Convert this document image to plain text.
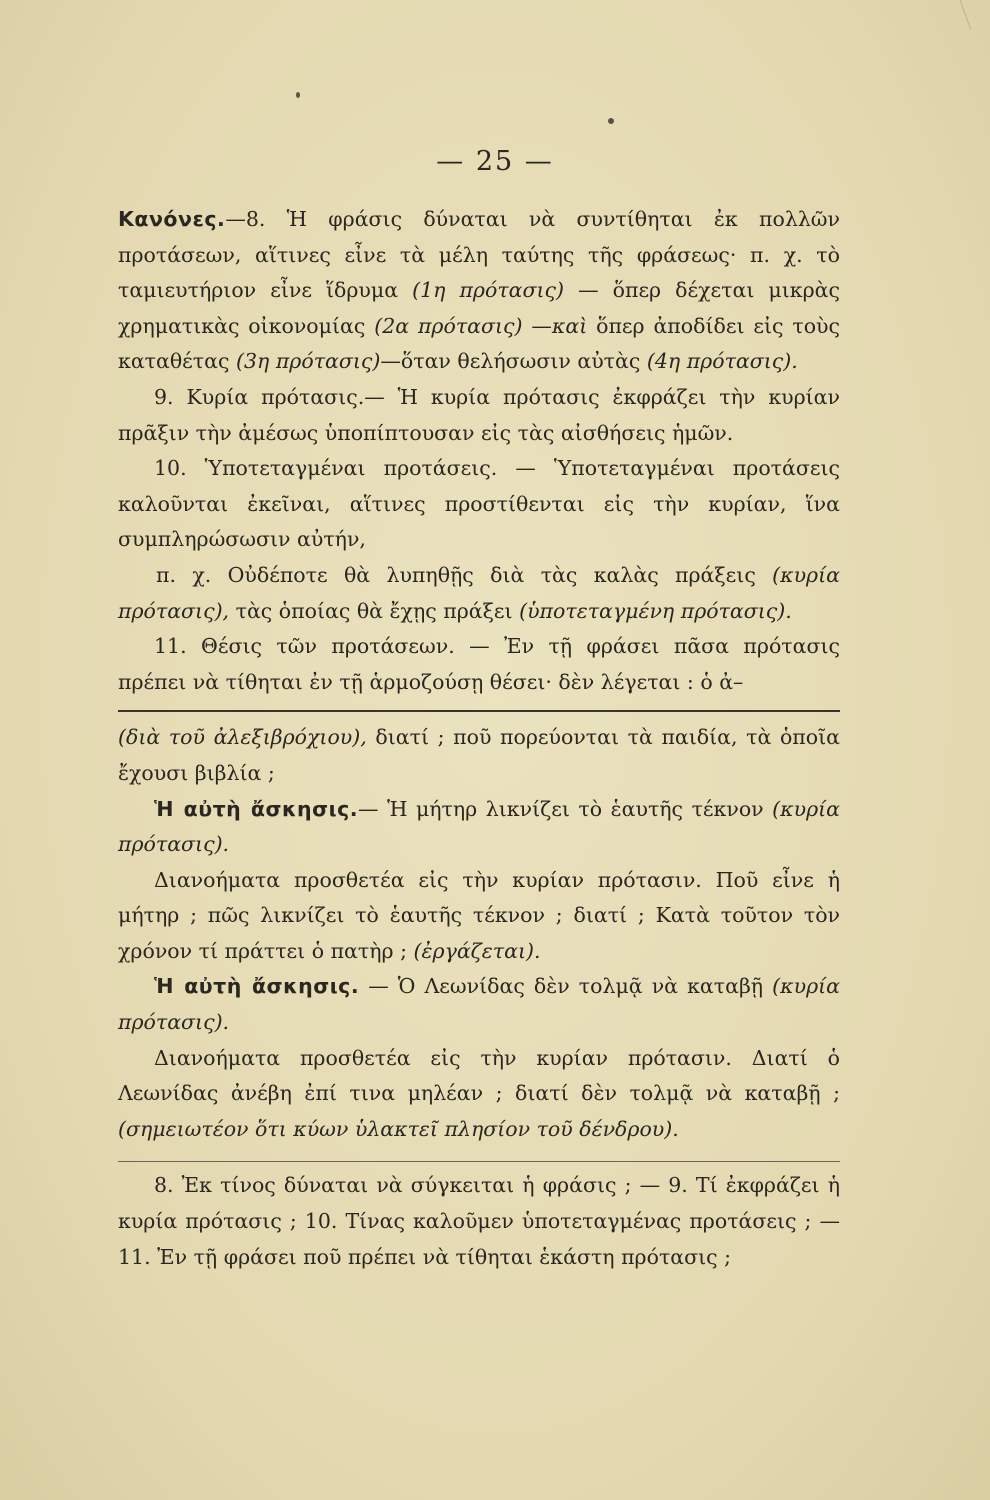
— 25 —

Κανόνες.—8. Ἡ φράσις δύναται νὰ συντίθηται ἐκ πολλῶν προτάσεων, αἵτινες εἶνε τὰ μέλη ταύτης τῆς φράσεως· π. χ. τὸ ταμιευτήριον εἶνε ἵδρυμα (1η πρότασις) — ὅπερ δέχεται μικρὰς χρηματικὰς οἰκονομίας (2α πρότασις) —καὶ ὅπερ ἀποδίδει εἰς τοὺς καταθέτας (3η πρότασις)—ὅταν θελήσωσιν αὐτὰς (4η πρότασις).

9. Κυρία πρότασις.— Ἡ κυρία πρότασις ἐκφράζει τὴν κυρίαν πρᾶξιν τὴν ἀμέσως ὑποπίπτουσαν εἰς τὰς αἰσθήσεις ἡμῶν.

10. Ὑποτεταγμέναι προτάσεις. — Ὑποτεταγμέναι προτάσεις καλοῦνται ἐκεῖναι, αἵτινες προστίθενται εἰς τὴν κυρίαν, ἵνα συμπληρώσωσιν αὐτήν,

π. χ. Οὐδέποτε θὰ λυπηθῇς διὰ τὰς καλὰς πράξεις (κυρία πρότασις), τὰς ὁποίας θὰ ἔχῃς πράξει (ὑποτεταγμένη πρότασις).

11. Θέσις τῶν προτάσεων. — Ἐν τῇ φράσει πᾶσα πρότασις πρέπει νὰ τίθηται ἐν τῇ ἁρμοζούσῃ θέσει· δὲν λέγεται : ὁ ἀ–

(διὰ τοῦ ἀλεξιβρόχιου), διατί ; ποῦ πορεύονται τὰ παιδία, τὰ ὁποῖα ἔχουσι βιβλία ;

Ἡ αὐτὴ ἄσκησις.— Ἡ μήτηρ λικνίζει τὸ ἑαυτῆς τέκνον (κυρία πρότασις).

Διανοήματα προσθετέα εἰς τὴν κυρίαν πρότασιν. Ποῦ εἶνε ἡ μήτηρ ; πῶς λικνίζει τὸ ἑαυτῆς τέκνον ; διατί ; Κατὰ τοῦτον τὸν χρόνον τί πράττει ὁ πατὴρ ; (ἐργάζεται).

Ἡ αὐτὴ ἄσκησις. — Ὁ Λεωνίδας δὲν τολμᾷ νὰ καταβῇ (κυρία πρότασις).

Διανοήματα προσθετέα εἰς τὴν κυρίαν πρότασιν. Διατί ὁ Λεωνίδας ἀνέβη ἐπί τινα μηλέαν ; διατί δὲν τολμᾷ νὰ καταβῇ ; (σημειωτέον ὅτι κύων ὑλακτεῖ πλησίον τοῦ δένδρου).

8. Ἐκ τίνος δύναται νὰ σύγκειται ἡ φράσις ; — 9. Τί ἐκφράζει ἡ κυρία πρότασις ; 10. Τίνας καλοῦμεν ὑποτεταγμένας προτάσεις ; — 11. Ἐν τῇ φράσει ποῦ πρέπει νὰ τίθηται ἑκάστη πρότασις ;
